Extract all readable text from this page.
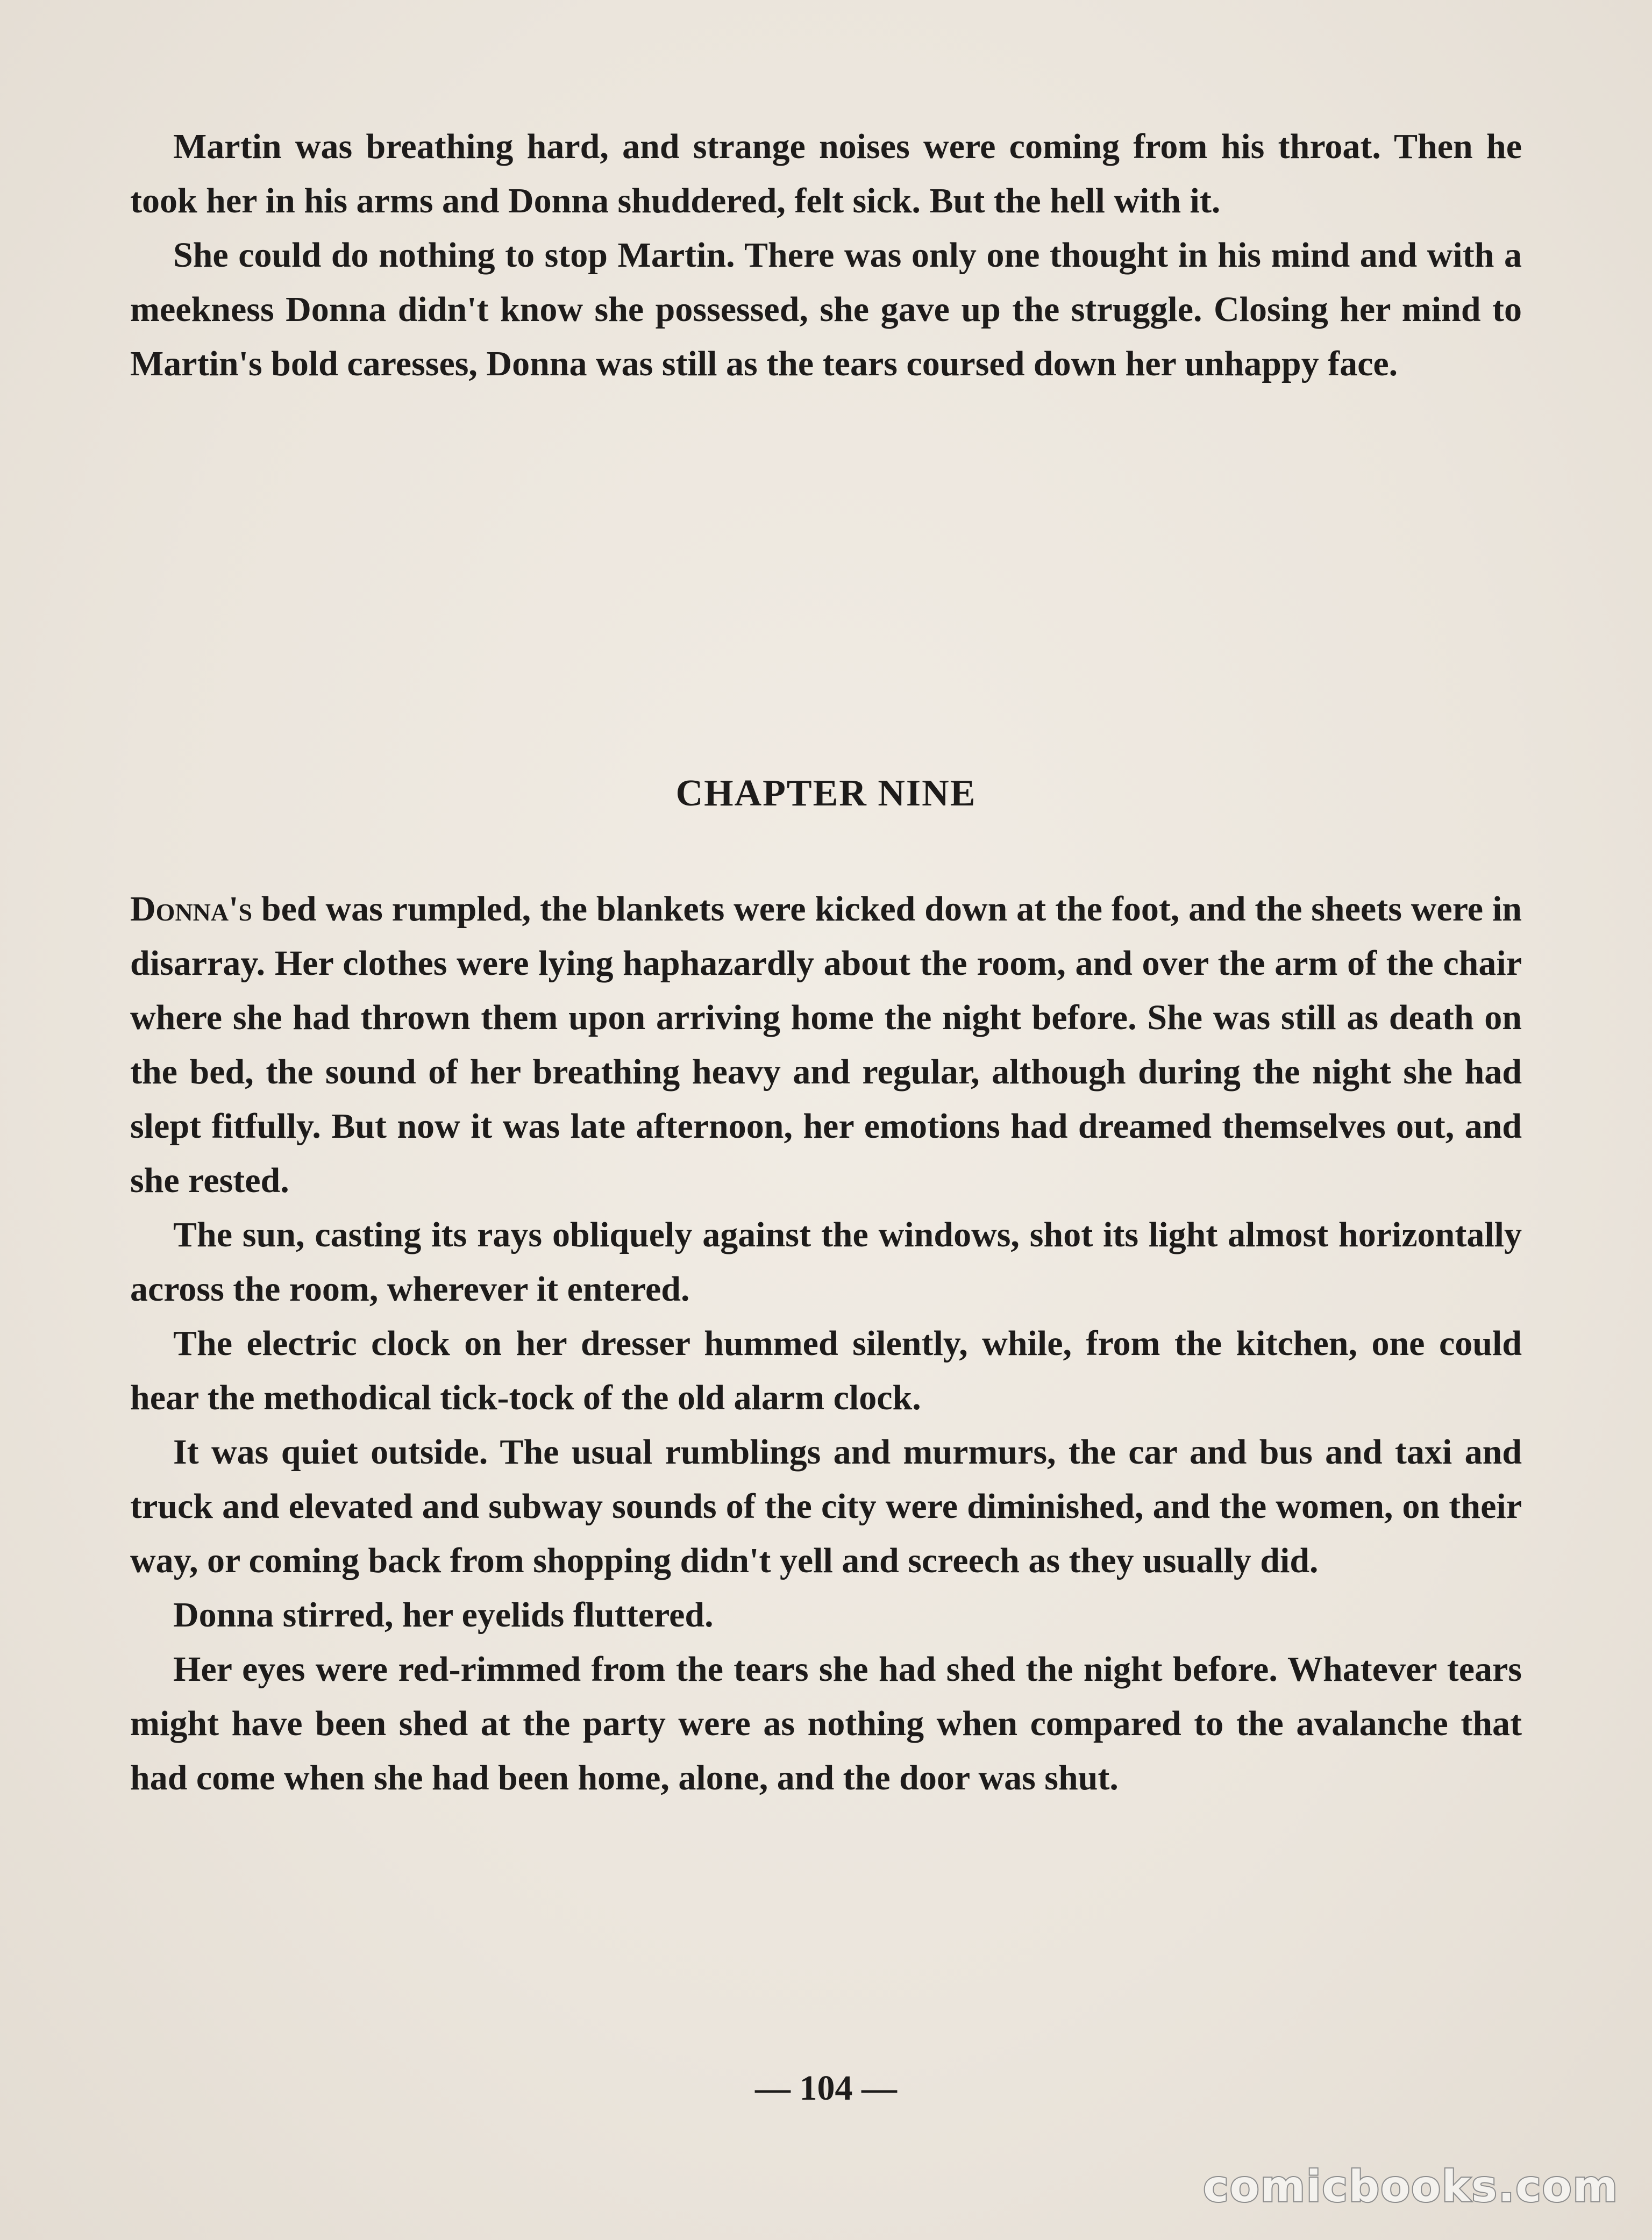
Martin was breathing hard, and strange noises were coming from his throat. Then he took her in his arms and Donna shuddered, felt sick. But the hell with it.

She could do nothing to stop Martin. There was only one thought in his mind and with a meekness Donna didn't know she possessed, she gave up the struggle. Closing her mind to Martin's bold caresses, Donna was still as the tears coursed down her unhappy face.

CHAPTER NINE

Donna's bed was rumpled, the blankets were kicked down at the foot, and the sheets were in disarray. Her clothes were lying haphazardly about the room, and over the arm of the chair where she had thrown them upon arriving home the night before. She was still as death on the bed, the sound of her breathing heavy and regular, although during the night she had slept fitfully. But now it was late afternoon, her emotions had dreamed themselves out, and she rested.

The sun, casting its rays obliquely against the windows, shot its light almost horizontally across the room, wherever it entered.

The electric clock on her dresser hummed silently, while, from the kitchen, one could hear the methodical tick-tock of the old alarm clock.

It was quiet outside. The usual rumblings and murmurs, the car and bus and taxi and truck and elevated and subway sounds of the city were diminished, and the women, on their way, or coming back from shopping didn't yell and screech as they usually did.

Donna stirred, her eyelids fluttered.

Her eyes were red-rimmed from the tears she had shed the night before. Whatever tears might have been shed at the party were as nothing when compared to the avalanche that had come when she had been home, alone, and the door was shut.

— 104 —
comicbooks.com
